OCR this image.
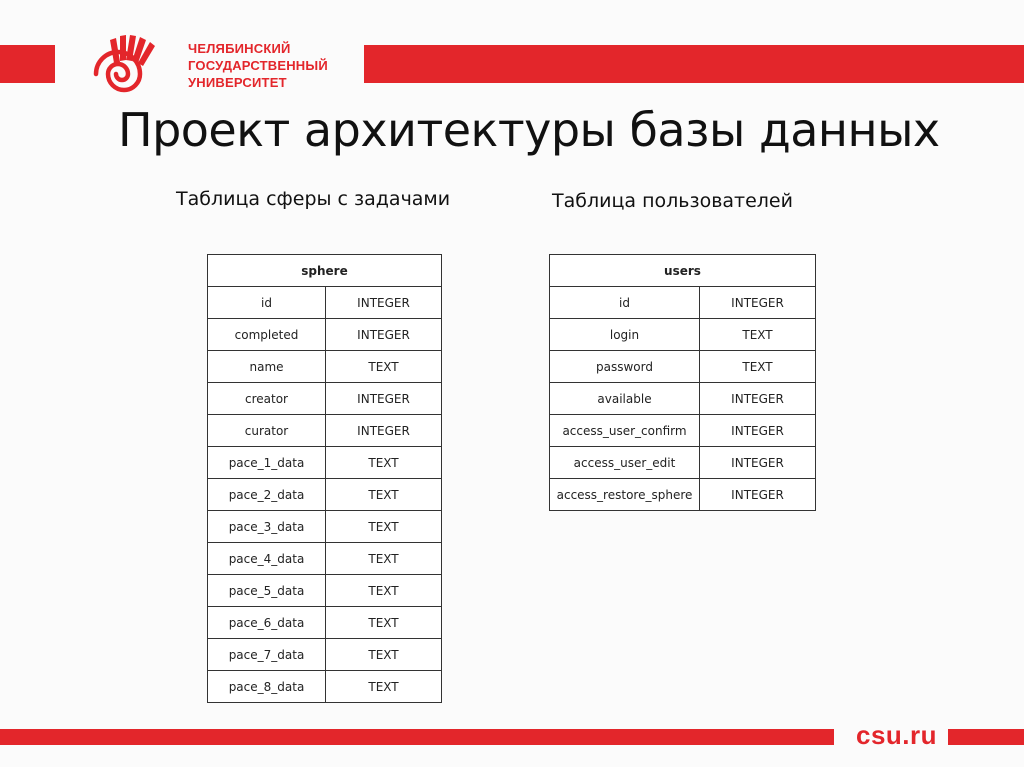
ЧЕЛЯБИНСКИЙ
ГОСУДАРСТВЕННЫЙ
УНИВЕРСИТЕТ
Проект архитектуры базы данных
Таблица сферы с задачами	Таблица пользователей
sphere	
id	INTEGER
completed	INTEGER
name	TEXT
creator	INTEGER
curator	INTEGER
pace_1_data	TEXT
pace_2_data	TEXT
pace_3_data	TEXT
pace_4_data	TEXT
pace_5_data	TEXT
pace_6_data	TEXT
pace_7_data	TEXT
pace_8_data	TEXT
users	
id	INTEGER
login	TEXT
password	TEXT
available	INTEGER
access_user_confirm	INTEGER
access_user_edit	INTEGER
access_restore_sphere	INTEGER
csu.ru
